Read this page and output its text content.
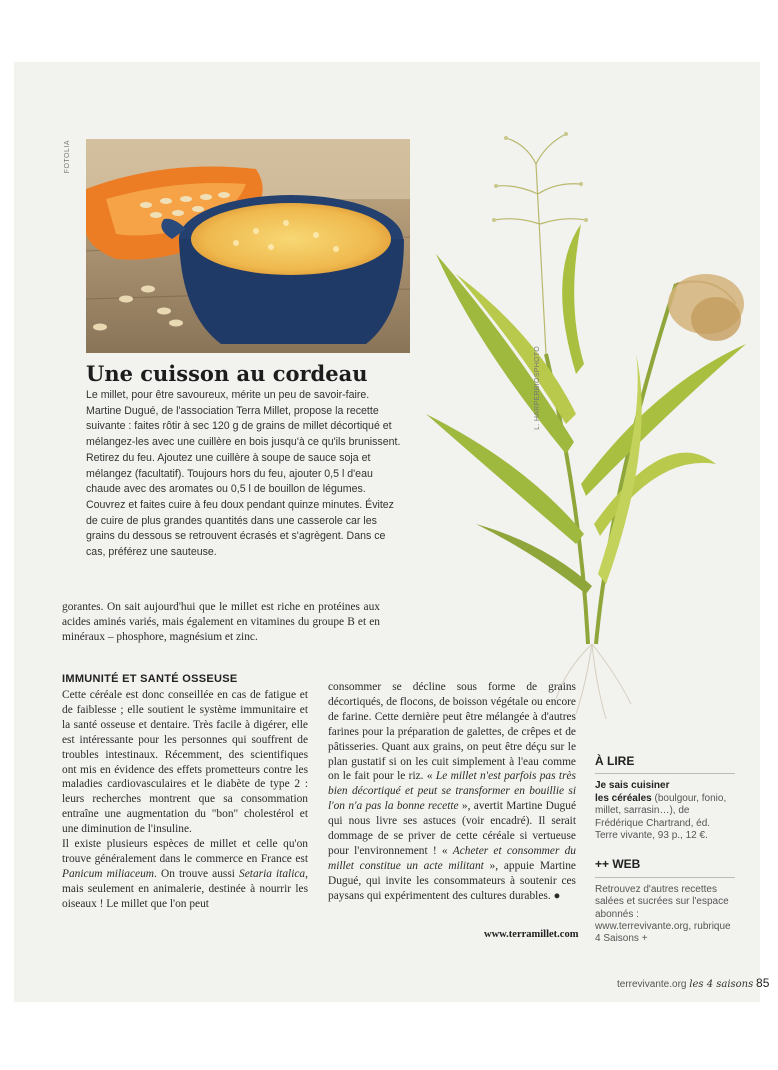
FOTOLIA
L. HARPERBIOSPHOTO
Une cuisson au cordeau

Le millet, pour être savoureux, mérite un peu de savoir-faire. Martine Dugué, de l'association Terra Millet, propose la recette suivante : faites rôtir à sec 120 g de grains de millet décortiqué et mélangez-les avec une cuillère en bois jusqu'à ce qu'ils brunissent. Retirez du feu. Ajoutez une cuillère à soupe de sauce soja et mélangez (facultatif). Toujours hors du feu, ajouter 0,5 l d'eau chaude avec des aromates ou 0,5 l de bouillon de légumes. Couvrez et faites cuire à feu doux pendant quinze minutes. Évitez de cuire de plus grandes quantités dans une casserole car les grains du dessous se retrouvent écrasés et s'agrègent. Dans ce cas, préférez une sauteuse.

gorantes. On sait aujourd'hui que le millet est riche en protéines aux acides aminés variés, mais également en vitamines du groupe B et en minéraux – phosphore, magnésium et zinc.

IMMUNITÉ ET SANTÉ OSSEUSE

Cette céréale est donc conseillée en cas de fatigue et de faiblesse ; elle soutient le système immunitaire et la santé osseuse et dentaire. Très facile à digérer, elle est intéressante pour les personnes qui souffrent de troubles intestinaux. Récemment, des scientifiques ont mis en évidence des effets prometteurs contre les maladies cardiovasculaires et le diabète de type 2 : leurs recherches montrent que sa consommation entraîne une augmentation du "bon" cholestérol et une diminution de l'insuline.

Il existe plusieurs espèces de millet et celle qu'on trouve généralement dans le commerce en France est Panicum miliaceum. On trouve aussi Setaria italica, mais seulement en animalerie, destinée à nourrir les oiseaux ! Le millet que l'on peut

consommer se décline sous forme de grains décortiqués, de flocons, de boisson végétale ou encore de farine. Cette dernière peut être mélangée à d'autres farines pour la préparation de galettes, de crêpes et de pâtisseries. Quant aux grains, on peut être déçu sur le plan gustatif si on les cuit simplement à l'eau comme on le fait pour le riz. « Le millet n'est parfois pas très bien décortiqué et peut se transformer en bouillie si l'on n'a pas la bonne recette », avertit Martine Dugué qui nous livre ses astuces (voir encadré). Il serait dommage de se priver de cette céréale si vertueuse pour l'environnement ! « Acheter et consommer du millet constitue un acte militant », appuie Martine Dugué, qui invite les consommateurs à soutenir ces paysans qui expérimentent des cultures durables. ●

www.terramillet.com
À LIRE
Je sais cuisiner
les céréales (boulgour, fonio, millet, sarrasin…), de Frédérique Chartrand, éd. Terre vivante, 93 p., 12 €.
++ WEB
Retrouvez d'autres recettes salées et sucrées sur l'espace abonnés : www.terrevivante.org, rubrique 4 Saisons +
terrevivante.org les 4 saisons 85
